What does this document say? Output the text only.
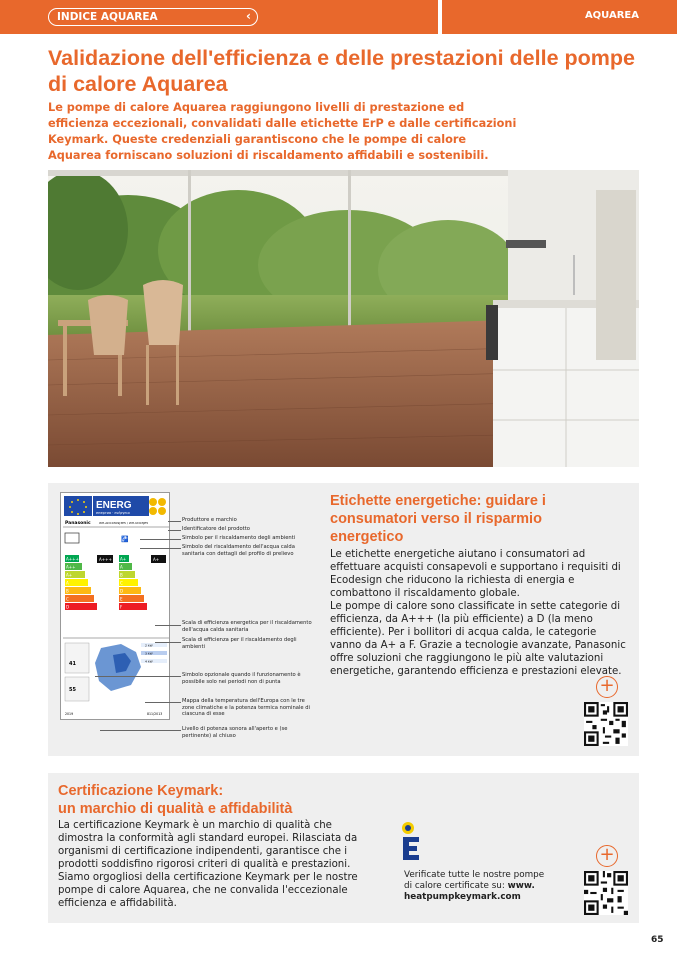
INDICE AQUAREA	‹	AQUAREA
Validazione dell'efficienza e delle prestazioni delle pompe di calore Aquarea

Le pompe di calore Aquarea raggiungono livelli di prestazione ed efficienza eccezionali, convalidati dalle etichette ErP e dalle certificazioni Keymark. Queste credenziali garantiscono che le pompe di calore Aquarea forniscano soluzioni di riscaldamento affidabili e sostenibili.

ENERG
енергия · ενέργεια
Panasonic	WH-ADC0309J3E5 / WH-UD03JE5
🚰
A+++
A++
A+
A
B
C
D
A+++ A+
A
B
C
D
E
F
A+
41
55
2 kW
3 kW
4 kW
2019	811/2013
Produttore e marchio
Identificatore del prodotto
Simbolo per il riscaldamento degli ambienti
Simbolo del riscaldamento dell'acqua calda sanitaria con dettagli del profilo di prelievo
Scala di efficienza energetica per il riscaldamento dell'acqua calda sanitaria
Scala di efficienza per il riscaldamento degli ambienti
Simbolo opzionale quando il funzionamento è possibile solo nei periodi non di punta
Mappa della temperatura dell'Europa con le tre zone climatiche e la potenza termica nominale di ciascuna di esse
Livello di potenza sonora all'aperto e (se pertinente) al chiuso
Etichette energetiche: guidare i consumatori verso il risparmio energetico

Le etichette energetiche aiutano i consumatori ad effettuare acquisti consapevoli e supportano i requisiti di Ecodesign che riducono la richiesta di energia e combattono il riscaldamento globale.
Le pompe di calore sono classificate in sette categorie di efficienza, da A+++ (la più efficiente) a D (la meno efficiente). Per i bollitori di acqua calda, le categorie vanno da A+ a F. Grazie a tecnologie avanzate, Panasonic offre soluzioni che raggiungono le più alte valutazioni energetiche, garantendo efficienza e prestazioni elevate.

+
Certificazione Keymark:
un marchio di qualità e affidabilità

La certificazione Keymark è un marchio di qualità che dimostra la conformità agli standard europei. Rilasciata da organismi di certificazione indipendenti, garantisce che i prodotti soddisfino rigorosi criteri di qualità e prestazioni. Siamo orgogliosi della certificazione Keymark per le nostre pompe di calore Aquarea, che ne convalida l'eccezionale efficienza e affidabilità.

Verificate tutte le nostre pompe di calore certificate su: www.
heatpumpkeymark.com
+
65
